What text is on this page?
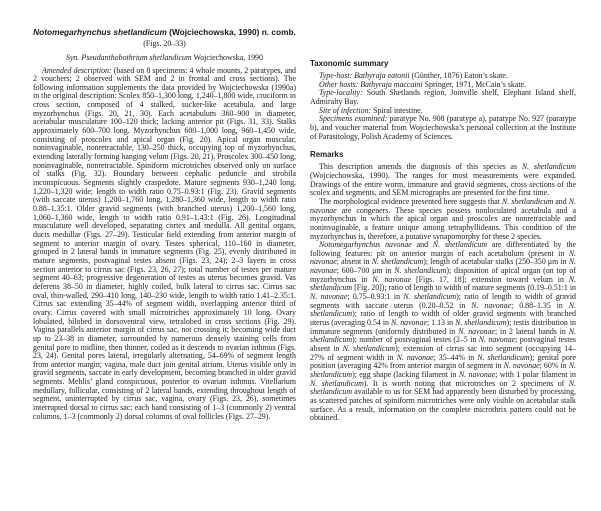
Notomegarhynchus shetlandicum (Wojciechowska, 1990) n. comb.
(Figs. 20–33)
Syn. Pseudanthobothrium shetlandicum Wojciechowska, 1990

Amended description: (based on 8 specimens: 4 whole mounts, 2 paratypes, and 2 vouchers; 2 observed with SEM and 2 in frontal and cross sections). The following information supplements the data provided by Wojciechowska (1990a) in the original description: Scolex 850–1,300 long, 1,240–1,800 wide, cruciform in cross section, composed of 4 stalked, sucker-like acetabula, and large myzorhynchus (Figs. 20, 21, 30). Each acetabulum 360–900 in diameter, acetabular musculature 100–120 thick; lacking anterior pit (Figs. 31, 33). Stalks approximately 600–700 long. Myzorhynchus 600–1,000 long, 960–1,450 wide, consisting of proscolex and apical organ (Fig. 20). Apical organ muscular, noninvaginable, nonretractable, 130–250 thick, occupying top of myzorhynchus, extending laterally forming hanging velum (Figs. 20, 21). Proscolex 300–450 long, noninvaginable, nonretractable. Spiniform microtriches observed only on surface of stalks (Fig. 32). Boundary between cephalic peduncle and strobila inconspicuous. Segments slightly craspedote. Mature segments 930–1,240 long, 1,220–1,320 wide; length to width ratio 0.75–0.93:1 (Fig. 23). Gravid segments (with saccate uterus) 1,200–1,760 long, 1,280–1,360 wide, length to width ratio 0.88–1.35:1. Older gravid segments (with branched uterus) 1,200–1,560 long, 1,060–1,360 wide, length to width ratio 0.91–1.43:1 (Fig. 26). Longitudinal musculature well developed, separating cortex and medulla. All genital organs, ducts medullar (Figs. 27–29). Testicular field extending from anterior margin of segment to anterior margin of ovary. Testes spherical, 110–160 in diameter, grouped in 2 lateral bands in immature segments (Fig. 25), evenly distributed in mature segments, postvaginal testes absent (Figs. 23, 24); 2–3 layers in cross section anterior to cirrus sac (Figs. 23, 26, 27); total number of testes per mature segment 40–63; progressive degeneration of testes as uterus becomes gravid. Vas deferens 38–50 in diameter, highly coiled, bulk lateral to cirrus sac. Cirrus sac oval, thin-walled, 290–410 long, 140–230 wide, length to width ratio 1.41–2.35:1. Cirrus sac extending 35–44% of segment width, overlapping anterior third of ovary. Cirrus covered with small microtriches approximately 10 long. Ovary lobulated, bilobed in dorsoventral view, tetralobed in cross sections (Fig. 29). Vagina parallels anterior margin of cirrus sac, not crossing it; becoming wide duct up to 23–38 in diameter, surrounded by numerous densely staining cells from genital pore to midline, then thinner, coiled as it descends to ovarian isthmus (Figs. 23, 24). Genital pores lateral, irregularly alternating, 54–69% of segment length from anterior margin; vagina, male duct join genital atrium. Uterus visible only in gravid segments, saccate in early development, becoming branched in older gravid segments. Mehlis’ gland conspicuous, posterior to ovarian isthmus. Vitellarium medullary, follicular, consisting of 2 lateral bands, extending throughout length of segment, uninterrupted by cirrus sac, vagina, ovary (Figs. 23, 26), sometimes interrupted dorsal to cirrus sac; each band consisting of 1–3 (commonly 2) ventral columns, 1–3 (commonly 2) dorsal columns of oval follicles (Figs. 27–29).

Taxonomic summary

Type-host: Bathyraja eatonii (Günther, 1876) Eaton’s skate.

Other hosts: Bathyraja maccaini Springer, 1971, McCain’s skate.

Type-locality: South Shetlands region, Joinville shelf, Elephant Island shelf, Admiralty Bay.

Site of infection: Spiral intestine.

Specimens examined: paratype No. 908 (paratype a), paratype No. 927 (paratype b), and voucher material from Wojciechowska’s personal collection at the Institute of Parasitology, Polish Academy of Sciences.

Remarks

This description amends the diagnosis of this species as N. shetlandicum (Wojciechowska, 1990). The ranges for most measurements were expanded. Drawings of the entire worm, immature and gravid segments, cross sections of the scolex and segments, and SEM micrographs are presented for the first time.

The morphological evidence presented here suggests that N. shetlandicum and N. navonae are congeners. These species possess nonloculated acetabula and a myzorhynchus in which the apical organ and proscolex are nonretractable and noninvaginable, a feature unique among tetraphyllideans. This condition of the myzorhynchus is, therefore, a putative synapomorphy for these 2 species.

Notomegarhynchus navonae and N. shetlandicum are differentiated by the following features: pit on anterior margin of each acetabulum (present in N. navonae; absent in N. shetlandicum); length of acetabular stalks (250–350 μm in N. navonae; 600–700 μm in N. shetlandicum); disposition of apical organ (on top of myzorhynchus in N. navonae [Figs. 17, 18]; extension toward velum in N. shetlandicum [Fig. 20]); ratio of length to width of mature segments (0.19–0.51:1 in N. navonae; 0.75–0.93:1 in N. shetlandicum); ratio of length to width of gravid segments with saccate uterus (0.20–0.52 in N. navonae; 0.88–1.35 in N. shetlandicum); ratio of length to width of older gravid segments with branched uterus (averaging 0.54 in N. navonae; 1.13 in N. shetlandicum); testis distribution in immature segments (uniformly distributed in N. navonae; in 2 lateral bands in N. shetlandicum); number of postvaginal testes (2–5 in N. navonae; postvaginal testes absent in N. shetlandicum); extension of cirrus sac into segment (occupying 14–27% of segment width in N. navonae; 35–44% in N. shetlandicum); genital pore position (averaging 42% from anterior margin of segment in N. navonae; 60% in N. shetlandicum); egg shape (lacking filament in N. navonae; with 1 polar filament in N. shetlandicum). It is worth noting that microtriches on 2 specimens of N. shetlandicum available to us for SEM had apparently been disturbed by processing, as scattered patches of spiniform microtriches were only visible on acetabular stalk surface. As a result, information on the complete microthrix pattern could not be obtained.
